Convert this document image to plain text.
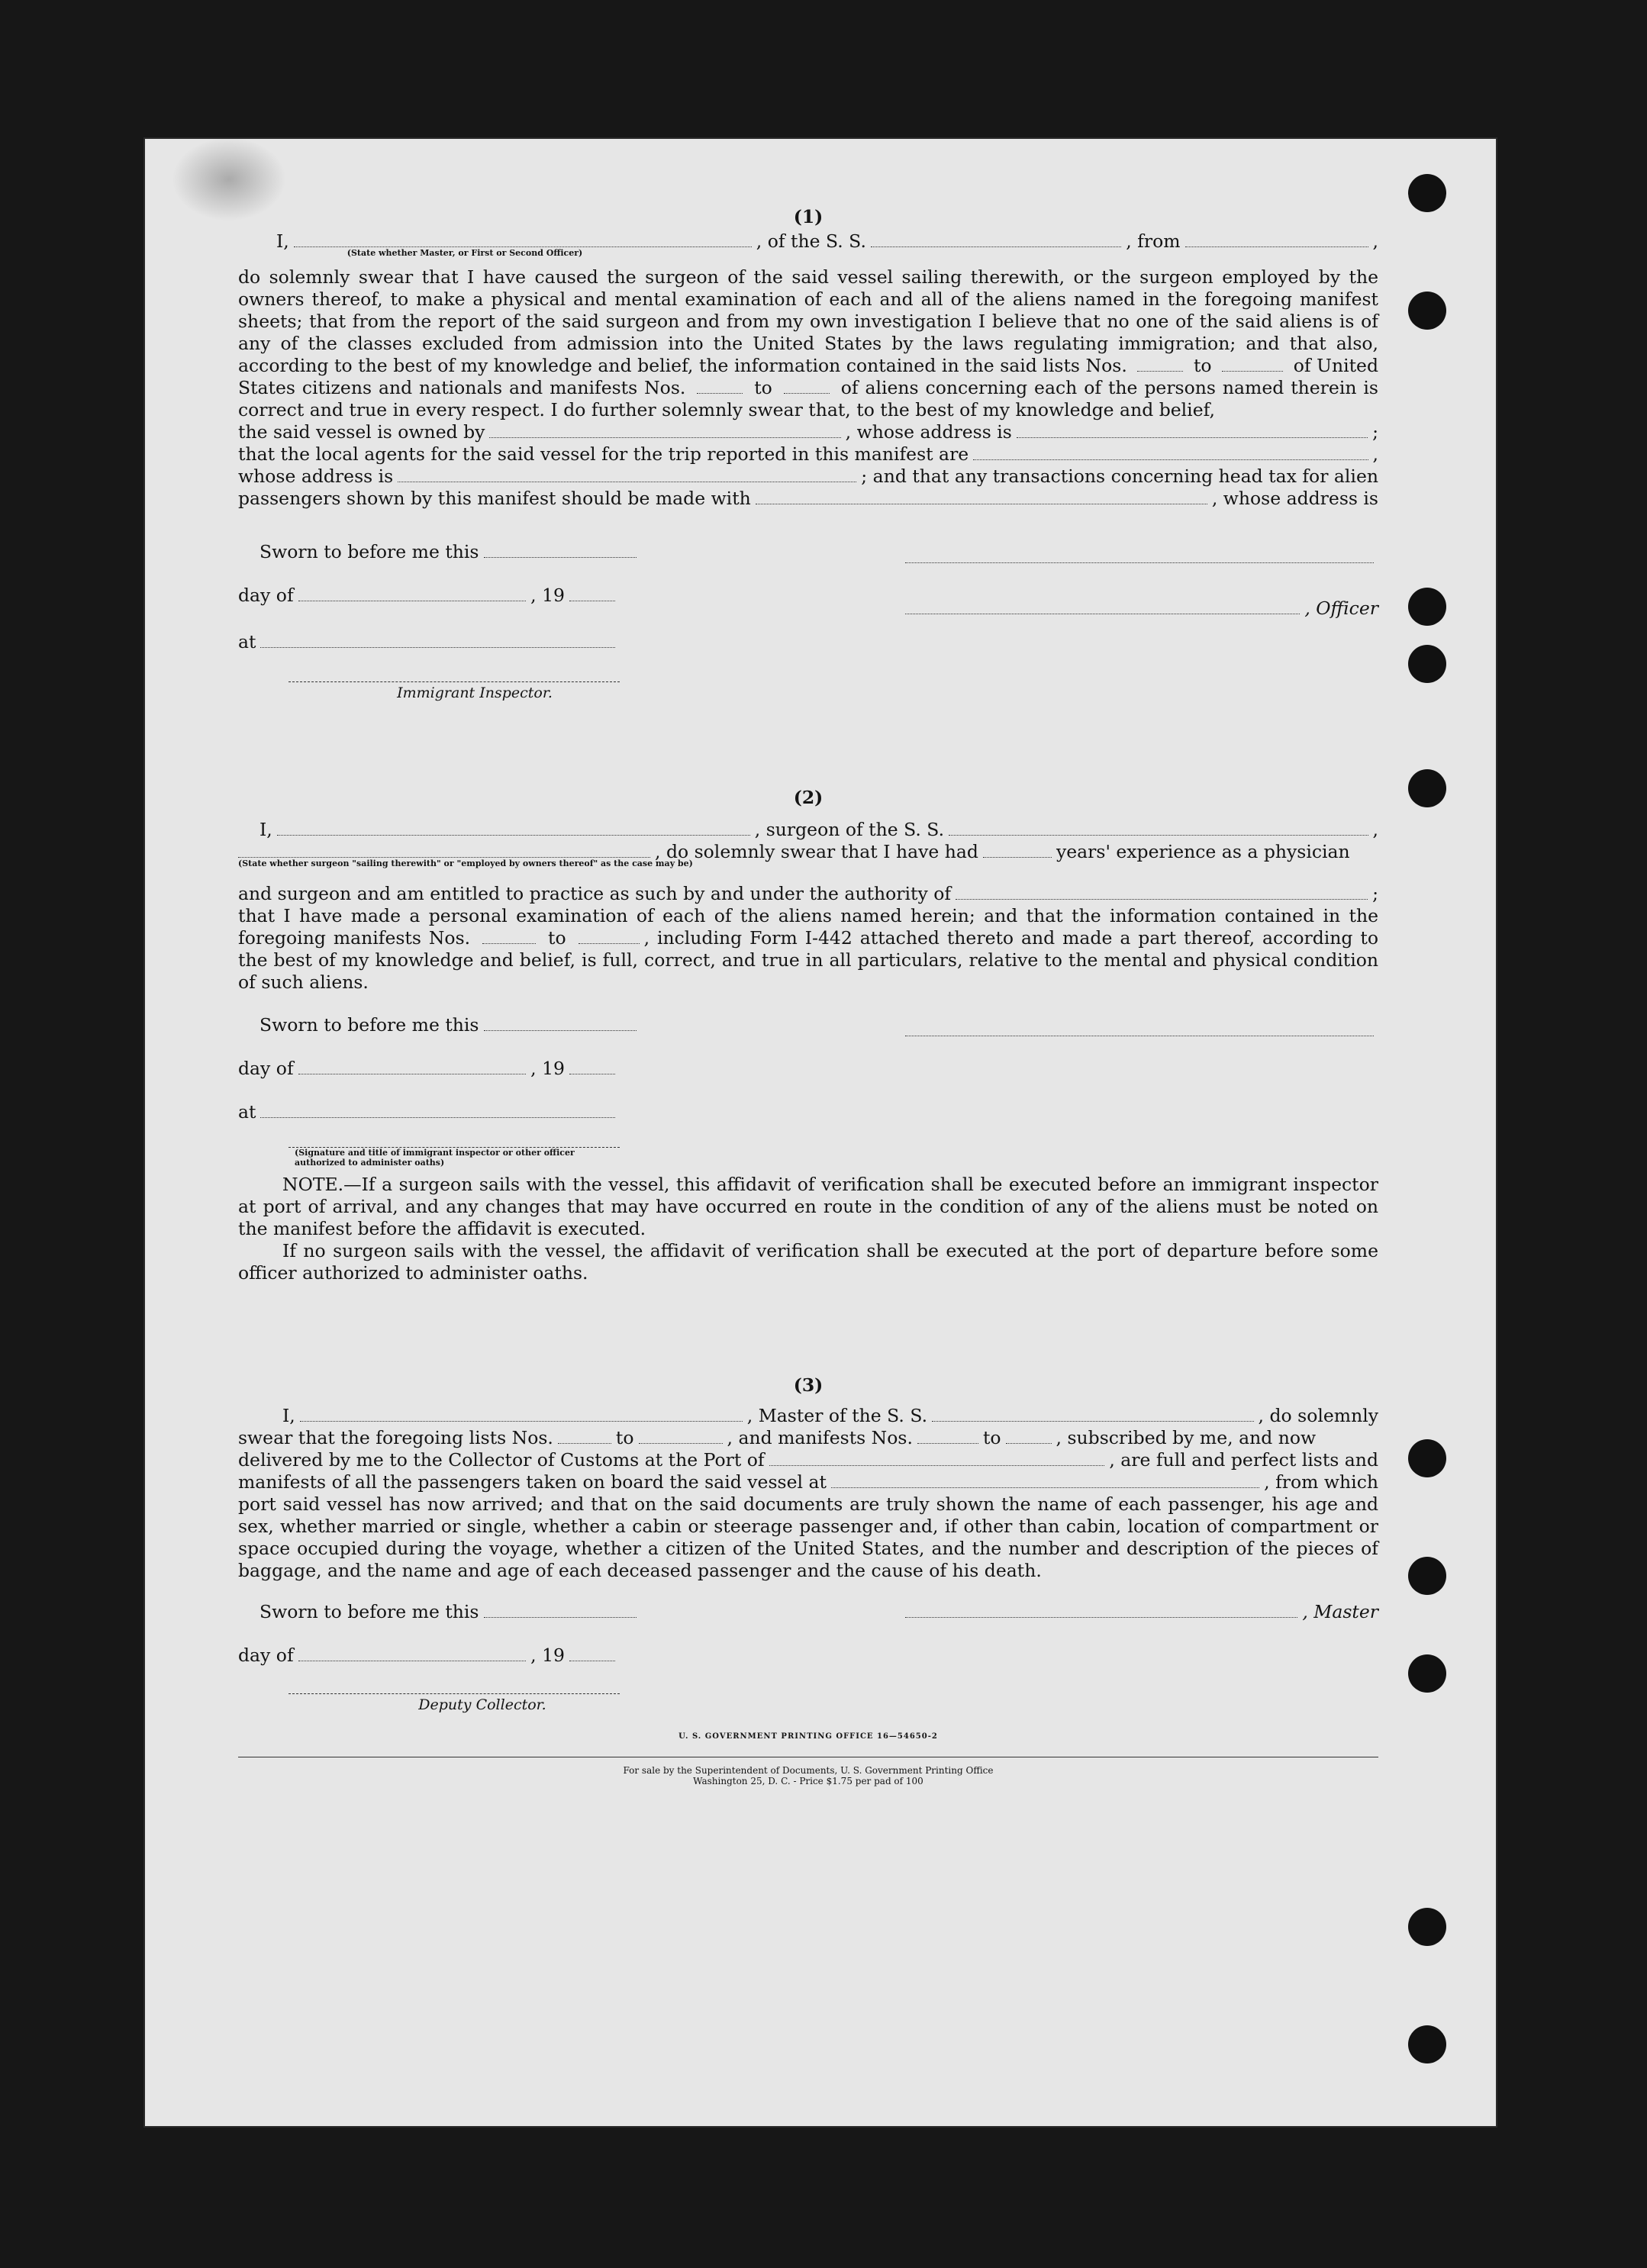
(1)

I,
(State whether Master, or First or Second Officer)
, of the S. S.	, from	,

do solemnly swear that I have caused the surgeon of the said vessel sailing therewith, or the surgeon employed by the owners thereof, to make a physical and mental examination of each and all of the aliens named in the foregoing manifest sheets; that from the report of the said surgeon and from my own investigation I believe that no one of the said aliens is of any of the classes excluded from admission into the United States by the laws regulating immigration; and that also, according to the best of my knowledge and belief, the information contained in the said lists Nos.	to	of United States citizens and nationals and manifests Nos.	to	of aliens concerning each of the persons named therein is correct and true in every respect. I do further solemnly swear that, to the best of my knowledge and belief,

the said vessel is owned by	, whose address is	;
that the local agents for the said vessel for the trip reported in this manifest are	,
whose address is	; and that any transactions concerning head tax for alien
passengers shown by this manifest should be made with	, whose address is
Sworn to before me this
day of	, 19
, Officer
at
Immigrant Inspector.

(2)

I,	, surgeon of the S. S.	,
(State whether surgeon "sailing therewith" or "employed by owners thereof" as the case may be)
, do solemnly swear that I have had	years' experience as a physician
and surgeon and am entitled to practice as such by and under the authority of	;

that I have made a personal examination of each of the aliens named herein; and that the information contained in the foregoing manifests Nos.	to	, including Form I-442 attached thereto and made a part thereof, according to the best of my knowledge and belief, is full, correct, and true in all particulars, relative to the mental and physical condition of such aliens.

Sworn to before me this
day of	, 19
at
(Signature and title of immigrant inspector or other officer authorized to administer oaths)

NOTE.—If a surgeon sails with the vessel, this affidavit of verification shall be executed before an immigrant inspector at port of arrival, and any changes that may have occurred en route in the condition of any of the aliens must be noted on the manifest before the affidavit is executed.

If no surgeon sails with the vessel, the affidavit of verification shall be executed at the port of departure before some officer authorized to administer oaths.

(3)

I,	, Master of the S. S.	, do solemnly
swear that the foregoing lists Nos.	to	, and manifests Nos.	to	, subscribed by me, and now
delivered by me to the Collector of Customs at the Port of	, are full and perfect lists and
manifests of all the passengers taken on board the said vessel at	, from which

port said vessel has now arrived; and that on the said documents are truly shown the name of each passenger, his age and sex, whether married or single, whether a cabin or steerage passenger and, if other than cabin, location of compartment or space occupied during the voyage, whether a citizen of the United States, and the number and description of the pieces of baggage, and the name and age of each deceased passenger and the cause of his death.

Sworn to before me this	, Master
day of	, 19
Deputy Collector.
U. S. GOVERNMENT PRINTING OFFICE 16—54650-2
For sale by the Superintendent of Documents, U. S. Government Printing Office
Washington 25, D. C. - Price $1.75 per pad of 100
